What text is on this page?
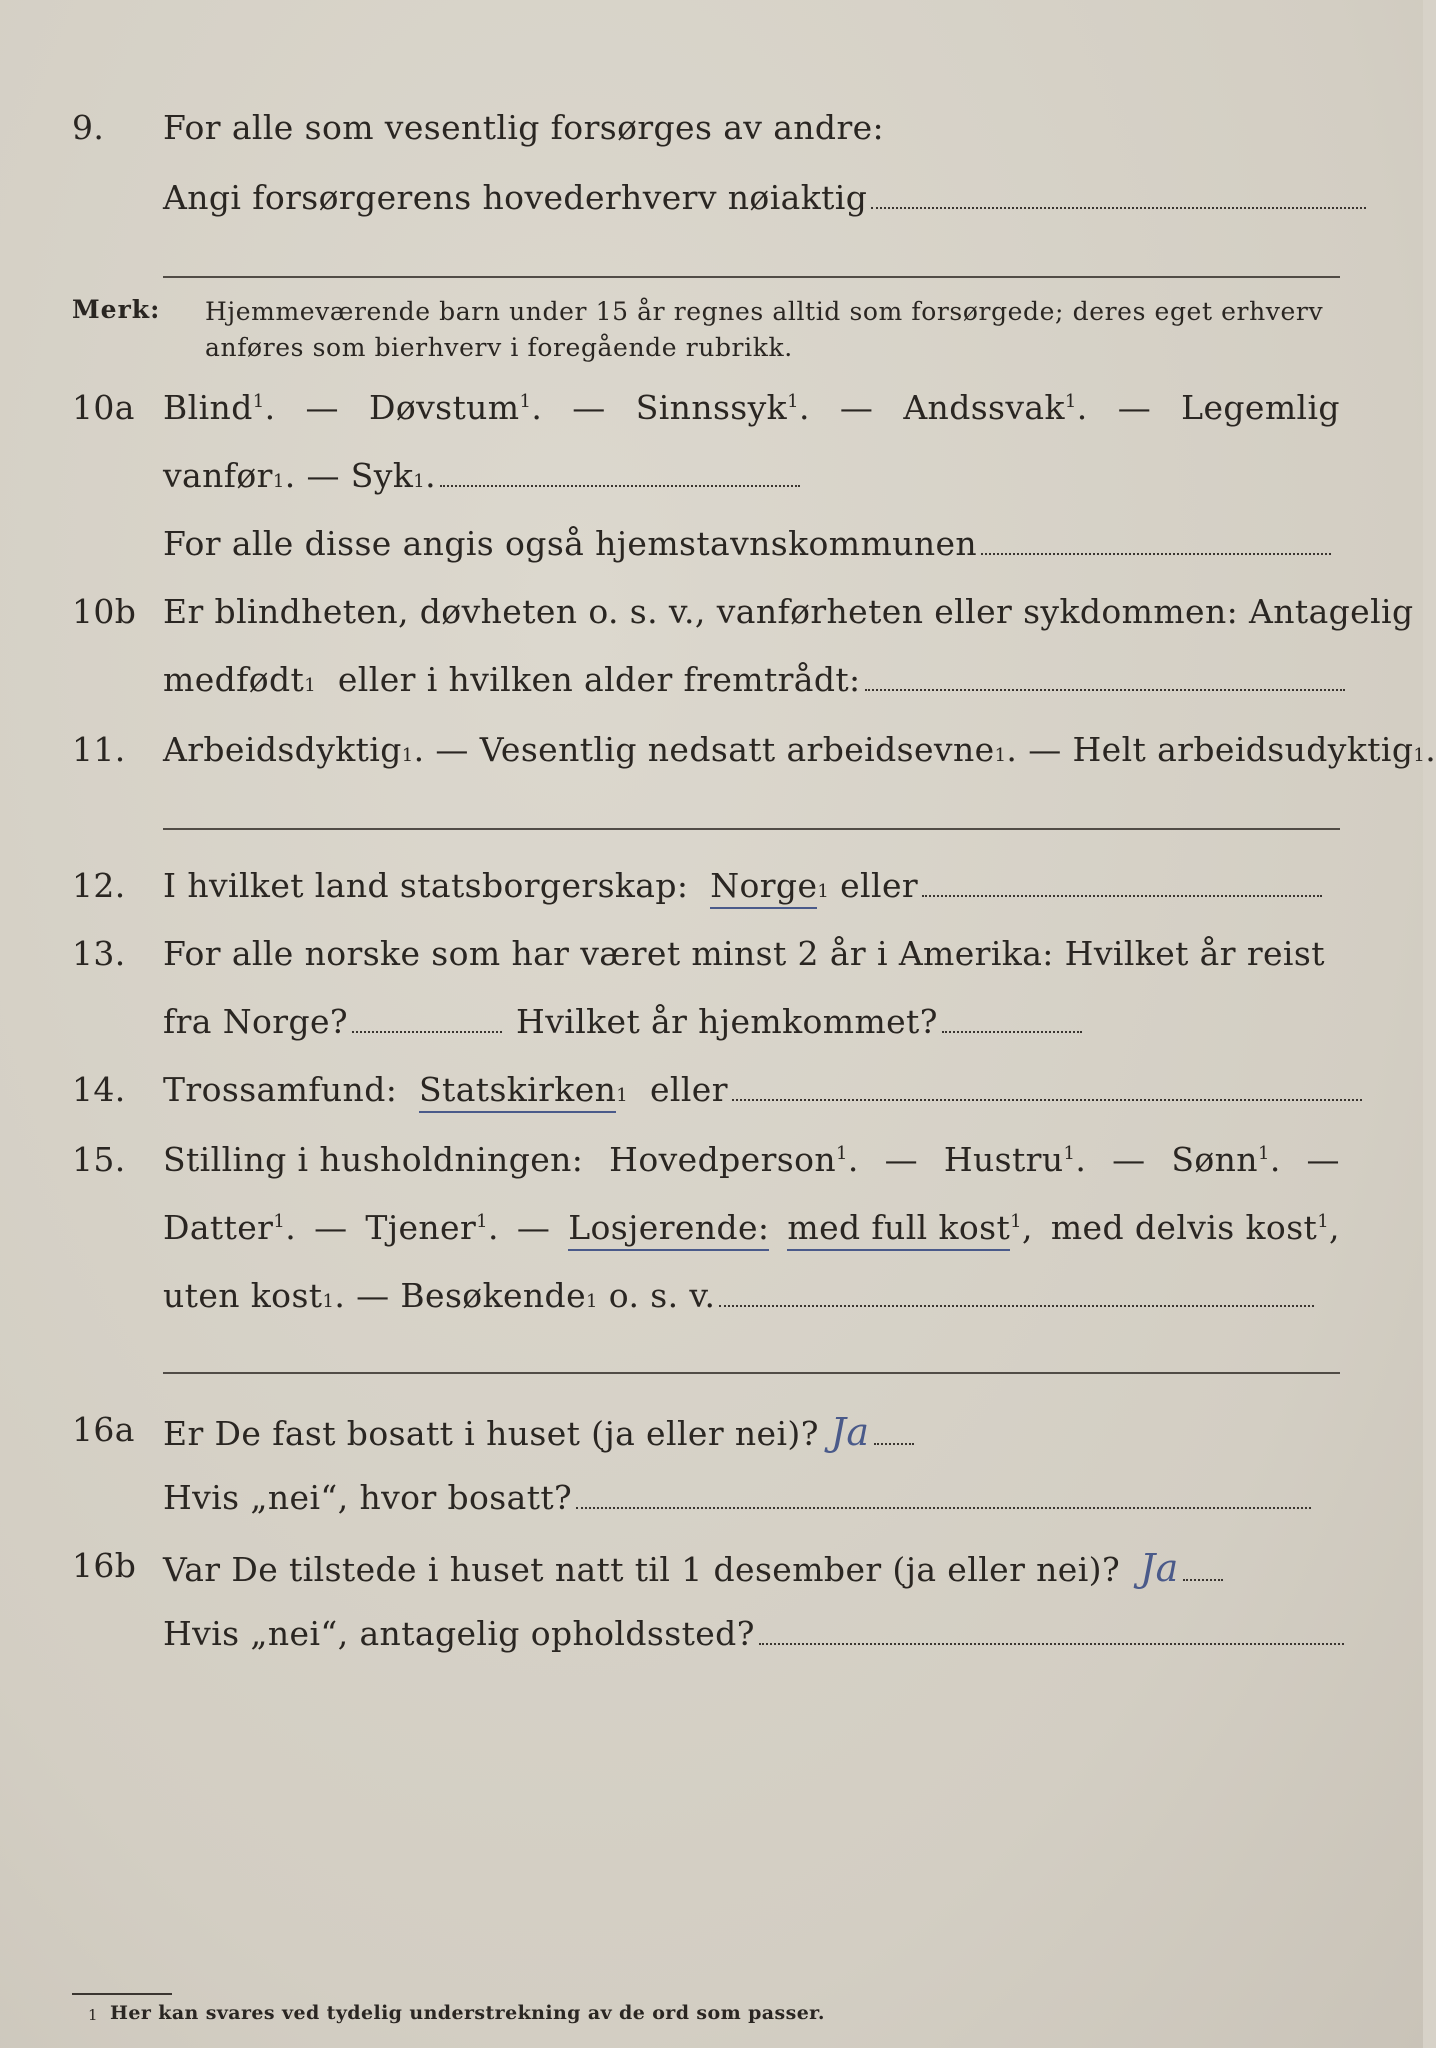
9.	For alle som vesentlig forsørges av andre:
Angi forsørgerens hovederhverv nøiaktig
Merk: Hjemmeværende barn under 15 år regnes alltid som forsørgede; deres eget erhverv anføres som bierhverv i foregående rubrikk.
10a Blind$^1$. — Døvstum$^1$. — Sinnssyk$^1$. — Andssvak$^1$. — Legemlig
vanfør 1 . —
Syk 1 .
For alle disse angis også hjemstavnskommunen
10b Er blindheten, døvheten o. s. v., vanførheten eller sykdommen: Antagelig
medfødt 1
eller i hvilken alder fremtrådt:
11.	Arbeidsdyktig 1 . —
Vesentlig nedsatt arbeidsevne 1 . —
Helt arbeidsudyktig 1 .
12.	I hvilket land statsborgerskap:
Norge 1
eller
13.	For alle norske som har været minst 2 år i Amerika: Hvilket år reist
fra Norge?	Hvilket år hjemkommet?
14.	Trossamfund:
Statskirken 1
eller
15.	Stilling i husholdningen: Hovedperson$^1$. — Hustru$^1$. — Sønn$^1$. —
Datter$^1$. — Tjener$^1$. — Losjerende: med full kost$^1$, med delvis kost$^1$,
uten kost 1 . —
Besøkende 1
o. s. v.
16a Er De fast bosatt i huset (ja eller nei)? Ja
Hvis „nei“, hvor bosatt?
16b Var De tilstede i huset natt til 1 desember (ja eller nei)? Ja
Hvis „nei“, antagelig opholdssted?
1 Her kan svares ved tydelig understrekning av de ord som passer.
